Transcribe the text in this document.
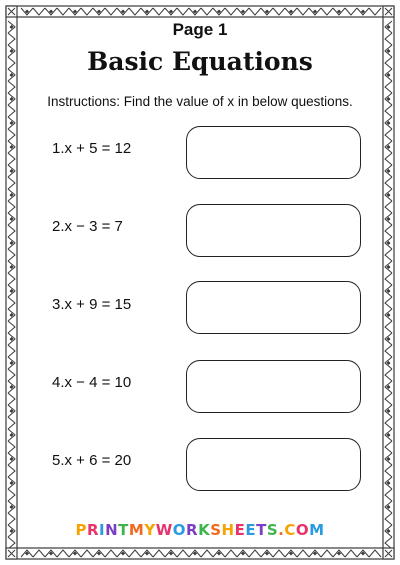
Page 1
Basic Equations
Instructions: Find the value of x in below questions.
1.x + 5 = 12
2.x − 3 = 7
3.x + 9 = 15
4.x − 4 = 10
5.x + 6 = 20
PRINTMYWORKSHEETS.COM
